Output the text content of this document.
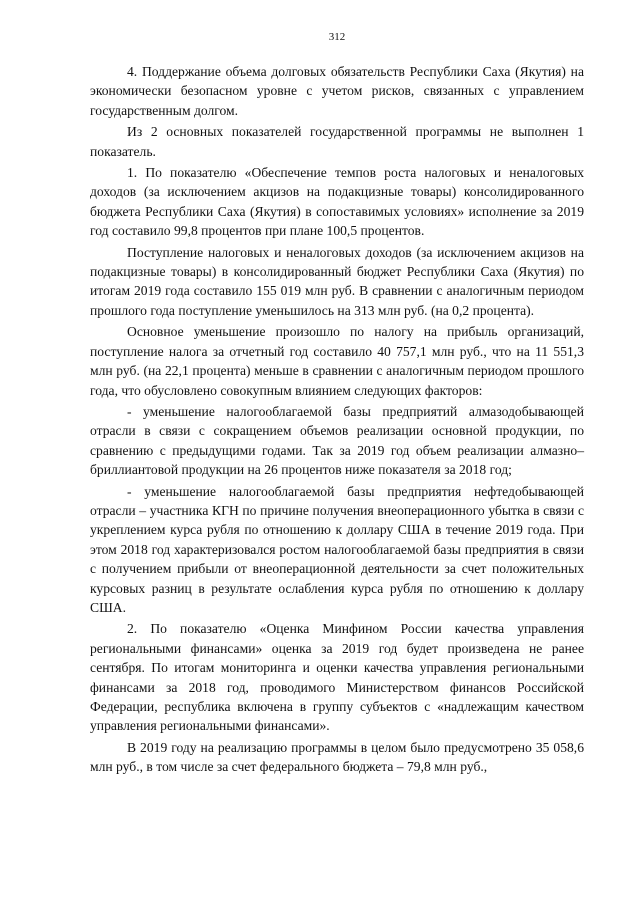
312

4. Поддержание объема долговых обязательств Республики Саха (Якутия) на экономически безопасном уровне с учетом рисков, связанных с управлением государственным долгом.

Из 2 основных показателей государственной программы не выполнен 1 показатель.

1. По показателю «Обеспечение темпов роста налоговых и неналоговых доходов (за исключением акцизов на подакцизные товары) консолидированного бюджета Республики Саха (Якутия) в сопоставимых условиях» исполнение за 2019 год составило 99,8 процентов при плане 100,5 процентов.

Поступление налоговых и неналоговых доходов (за исключением акцизов на подакцизные товары) в консолидированный бюджет Республики Саха (Якутия) по итогам 2019 года составило 155 019 млн руб. В сравнении с аналогичным периодом прошлого года поступление уменьшилось на 313 млн руб. (на 0,2 процента).

Основное уменьшение произошло по налогу на прибыль организаций, поступление налога за отчетный год составило 40 757,1 млн руб., что на 11 551,3 млн руб. (на 22,1 процента) меньше в сравнении с аналогичным периодом прошлого года, что обусловлено совокупным влиянием следующих факторов:

- уменьшение налогооблагаемой базы предприятий алмазодобывающей отрасли в связи с сокращением объемов реализации основной продукции, по сравнению с предыдущими годами. Так за 2019 год объем реализации алмазно–бриллиантовой продукции на 26 процентов ниже показателя за 2018 год;

- уменьшение налогооблагаемой базы предприятия нефтедобывающей отрасли – участника КГН по причине получения внеоперационного убытка в связи с укреплением курса рубля по отношению к доллару США в течение 2019 года. При этом 2018 год характеризовался ростом налогооблагаемой базы предприятия в связи с получением прибыли от внеоперационной деятельности за счет положительных курсовых разниц в результате ослабления курса рубля по отношению к доллару США.

2. По показателю «Оценка Минфином России качества управления региональными финансами» оценка за 2019 год будет произведена не ранее сентября. По итогам мониторинга и оценки качества управления региональными финансами за 2018 год, проводимого Министерством финансов Российской Федерации, республика включена в группу субъектов с «надлежащим качеством управления региональными финансами».

В 2019 году на реализацию программы в целом было предусмотрено 35 058,6 млн руб., в том числе за счет федерального бюджета – 79,8 млн руб.,
